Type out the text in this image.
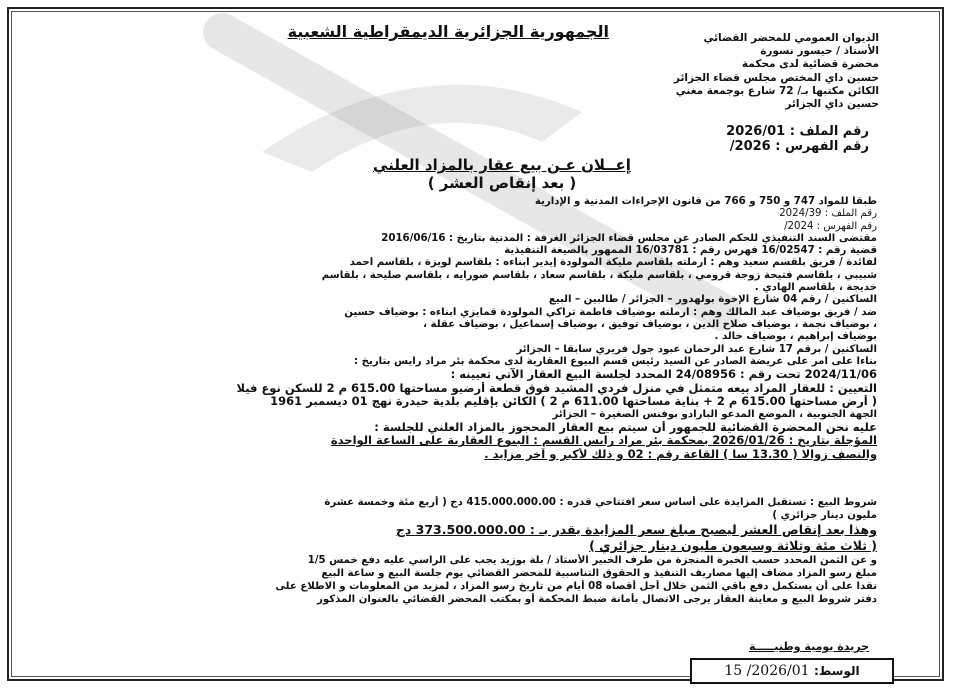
الجمهورية الجزائرية الديمقراطية الشعبية	الديوان العمومي للمحضر القضائي
الأستاذ / حيسور نسورة
محضرة قضائية لدى محكمة
حسين داي المختص مجلس قضاء الجزائر
الكائن مكتبها بـ/ 72 شارع بوجمعة مغني
حسين داي الجزائر
رقم الملف : 2026/01
رقم الفهرس : 2026/
إعــلان عـن بيع عقار بالمزاد العلني
( بعد إنقاص العشر )
طبقا للمواد 747 و 750 و 766 من قانون الإجراءات المدنية و الإدارية
رقم الملف : 2024/39
رقم الفهرس : 2024/
مقتضى السند التنفيذي للحكم الصادر عن مجلس قضاء الجزائر الغرفة : المدنية بتاريخ : 2016/06/16
قضية رقم : 16/02547 فهرس رقم : 16/03781 الممهور بالصيغة التنفيذية
لفائدة / فريق بلقسم سعيد وهم : أرملته بلقاسم مليكة المولودة إيدير أبناءه : بلقاسم لويزة ، بلقاسم أحمد
شبيبي ، بلقاسم فتيحة زوجة قرومي ، بلقاسم مليكة ، بلقاسم سعاد ، بلقاسم صورايه ، بلقاسم صليحة ، بلقاسم
خديجة ، بلقاسم الهادي .
الساكنين / رقم 04 شارع الإخوة بولهدور – الجزائر / طالبين – البيع
ضد / فريق بوضياف عبد المالك وهم : أرملته بوضياف فاطمة تراكي المولودة قمايزي أبناءه : بوضياف حسين
، بوضياف نجمة ، بوضياف صلاح الدين ، بوضياف توفيق ، بوضياف إسماعيل ، بوضياف عقلة ،
بوضياف إبراهيم ، بوضياف خالد .
الساكنين / برقم 17 شارع عبد الرحمان عبود جول فريري سابقا – الجزائر
بناءا على أمر على عريضة الصادر عن السيد رئيس قسم البيوع العقارية لدى محكمة بئر مراد رايس بتاريخ :
2024/11/06 تحت رقم : 24/08956 المحدد لجلسة البيع العقار الآتي تعيينه :
التعيين : للعقار المراد بيعه متمثل في منزل فردي المشيد فوق قطعة أرضيو مساحتها 615.00 م 2 للسكن نوع فيلا
( أرض مساحتها 615.00 م 2 + بناية مساحتها 611.00 م 2 ) الكائن بإقليم بلدية حيدرة نهج 01 ديسمبر 1961
الجهة الجنوبية ، الموضع المدعو البارادو بوفنس الصغيرة – الجزائر
عليه نحن المحضرة القضائية للجمهور أن سيتم بيع العقار المحجوز بالمزاد العلني للجلسة :
المؤجلة بتاريخ : 2026/01/26 بمحكمة بئر مراد رايس القسم : البيوع العقارية على الساعة الواحدة
والنصف زوالا ( 13.30 سا ) القاعة رقم : 02 و ذلك لأكبر و آخر مزايد .
شروط البيع : تستقبل المزايدة على أساس سعر افتتاحي قدره : 415.000.000.00 دج ( أربع مئة وخمسة عشرة
مليون دينار جزائري )
وهذا بعد إنقاص العشر ليصبح مبلغ سعر المزايدة يقدر بـ : 373.500.000.00 دج
( ثلاث مئة وثلاثة وسبعون مليون دينار جزائري )
و عن الثمن المحدد حسب الخبرة المنجزة من طرف الخبير الأستاذ / بلة بوزيد يجب على الراسي عليه دفع خمس 1/5
مبلغ رسو المزاد مضاف إليها مصاريف التنفيذ و الحقوق التناسبية للمحضر القضائي يوم جلسة البيع و ساعة البيع
نقدا على أن يستكمل دفع باقي الثمن خلال أجل أقصاه 08 أيام من تاريخ رسو المزاد ، لمزيد من المعلومات و الاطلاع على
دفتر شروط البيع و معاينة العقار يرجى الاتصال بأمانة ضبط المحكمة أو بمكتب المحضر القضائي بالعنوان المذكور
جريدة يومية وطنيـــــة
الوسط: 2026/01/ 15
